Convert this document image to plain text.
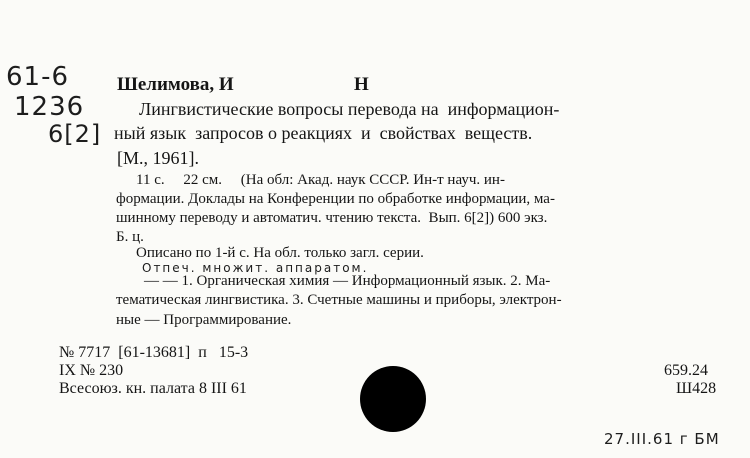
61-6
1236
6[2]
Шелимова, И	Н
Лингвистические вопросы перевода на  информацион-
ный язык  запросов о реакциях  и  свойствах  веществ.
[М., 1961].
11 с.     22 см.     (На обл: Акад. наук СССР. Ин-т науч. ин-
формации. Доклады на Конференции по обработке информации, ма-
шинному переводу и автоматич. чтению текста.  Вып. 6[2]) 600 экз.
Б. ц.
Описано по 1-й с. На обл. только загл. серии.
Отпеч. множит. аппаратом.
— — 1. Органическая химия — Информационный язык. 2. Ма-
тематическая лингвистика. 3. Счетные машины и приборы, электрон-
ные — Программирование.
№ 7717  [61-13681]  п   15-3
IX № 230
Всесоюз. кн. палата 8 III 61
659.24
Ш428
27.III.61 г БМ
